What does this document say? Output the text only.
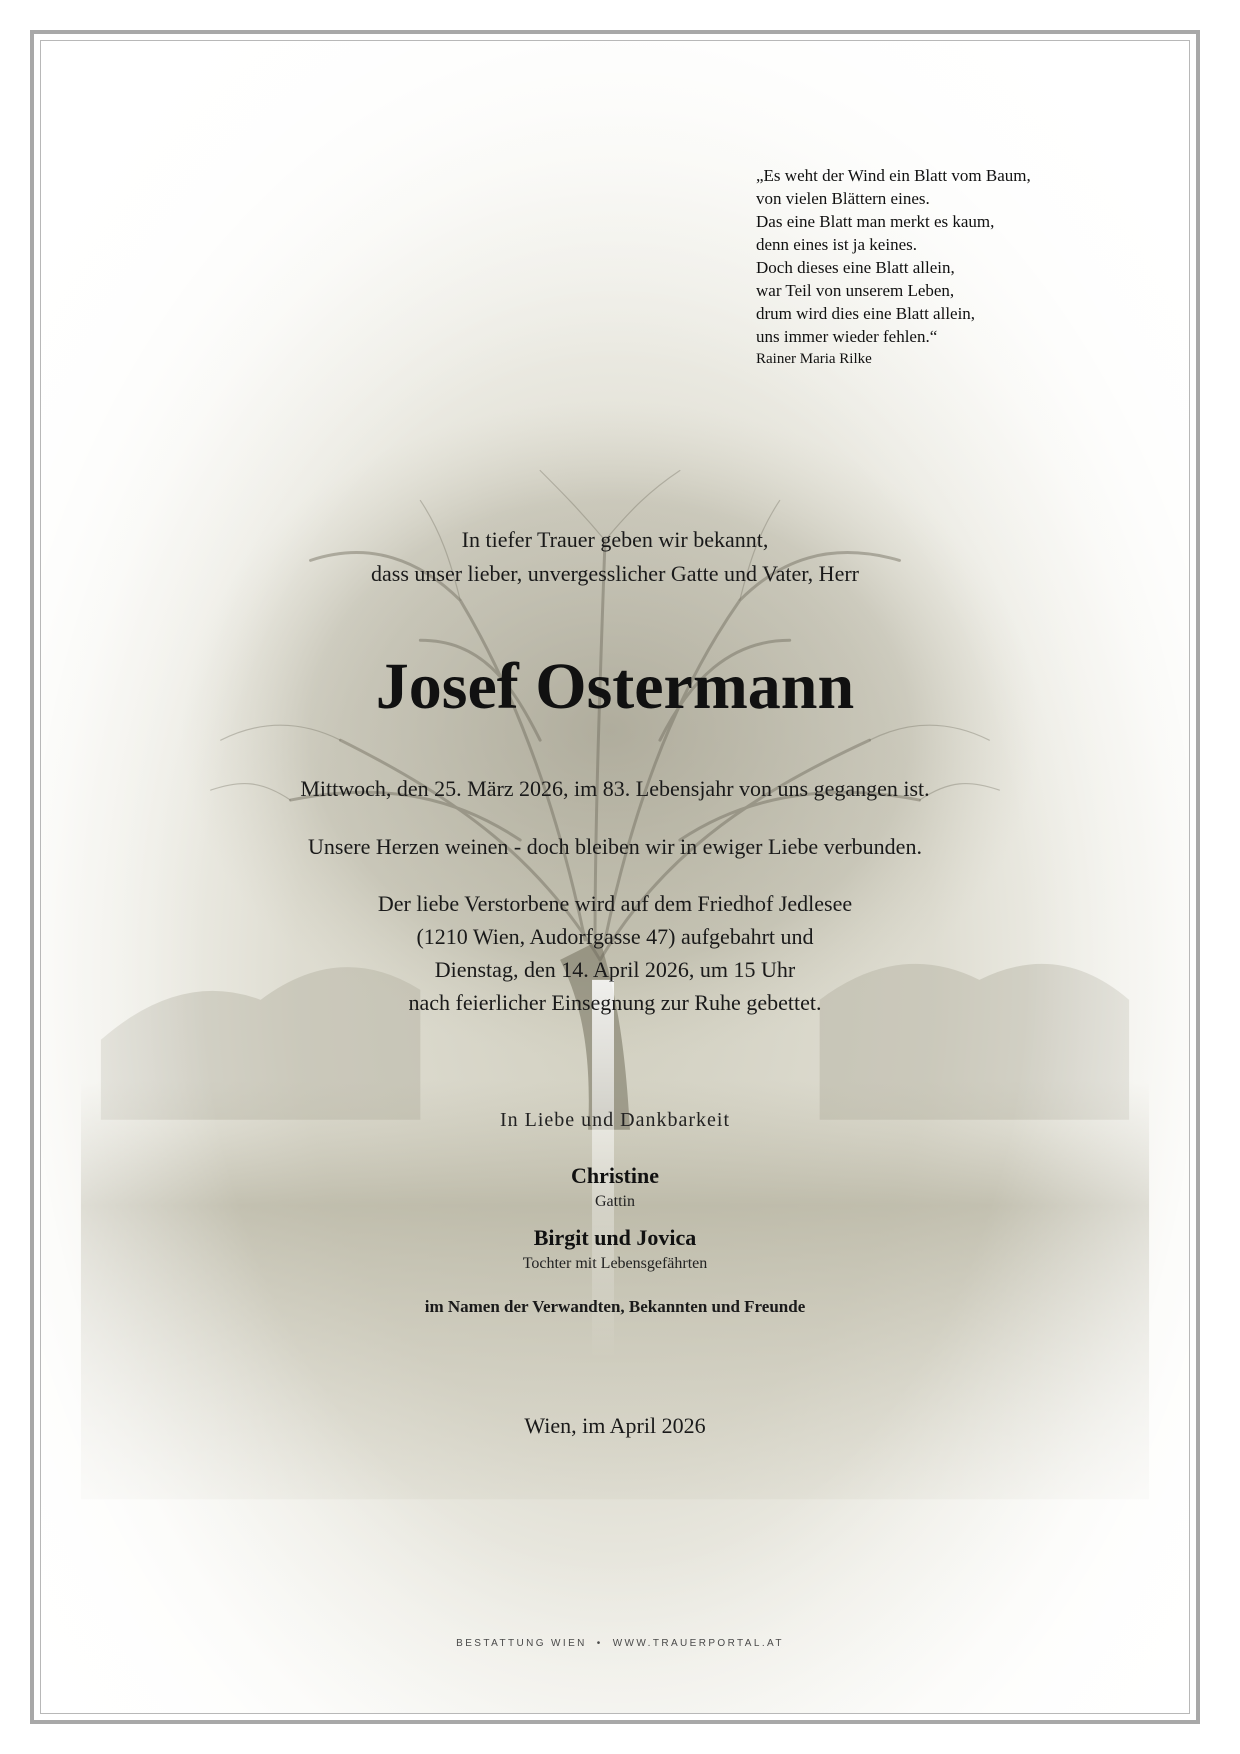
„Es weht der Wind ein Blatt vom Baum,
von vielen Blättern eines.
Das eine Blatt man merkt es kaum,
denn eines ist ja keines.
Doch dieses eine Blatt allein,
war Teil von unserem Leben,
drum wird dies eine Blatt allein,
uns immer wieder fehlen.“
Rainer Maria Rilke
In tiefer Trauer geben wir bekannt,
dass unser lieber, unvergesslicher Gatte und Vater, Herr
Josef Ostermann
Mittwoch, den 25. März 2026, im 83. Lebensjahr von uns gegangen ist.
Unsere Herzen weinen - doch bleiben wir in ewiger Liebe verbunden.
Der liebe Verstorbene wird auf dem Friedhof Jedlesee
(1210 Wien, Audorfgasse 47) aufgebahrt und
Dienstag, den 14. April 2026, um 15 Uhr
nach feierlicher Einsegnung zur Ruhe gebettet.
In Liebe und Dankbarkeit
Christine
Gattin
Birgit und Jovica
Tochter mit Lebensgefährten
im Namen der Verwandten, Bekannten und Freunde
Wien, im April 2026
BESTATTUNG WIEN • WWW.TRAUERPORTAL.AT
